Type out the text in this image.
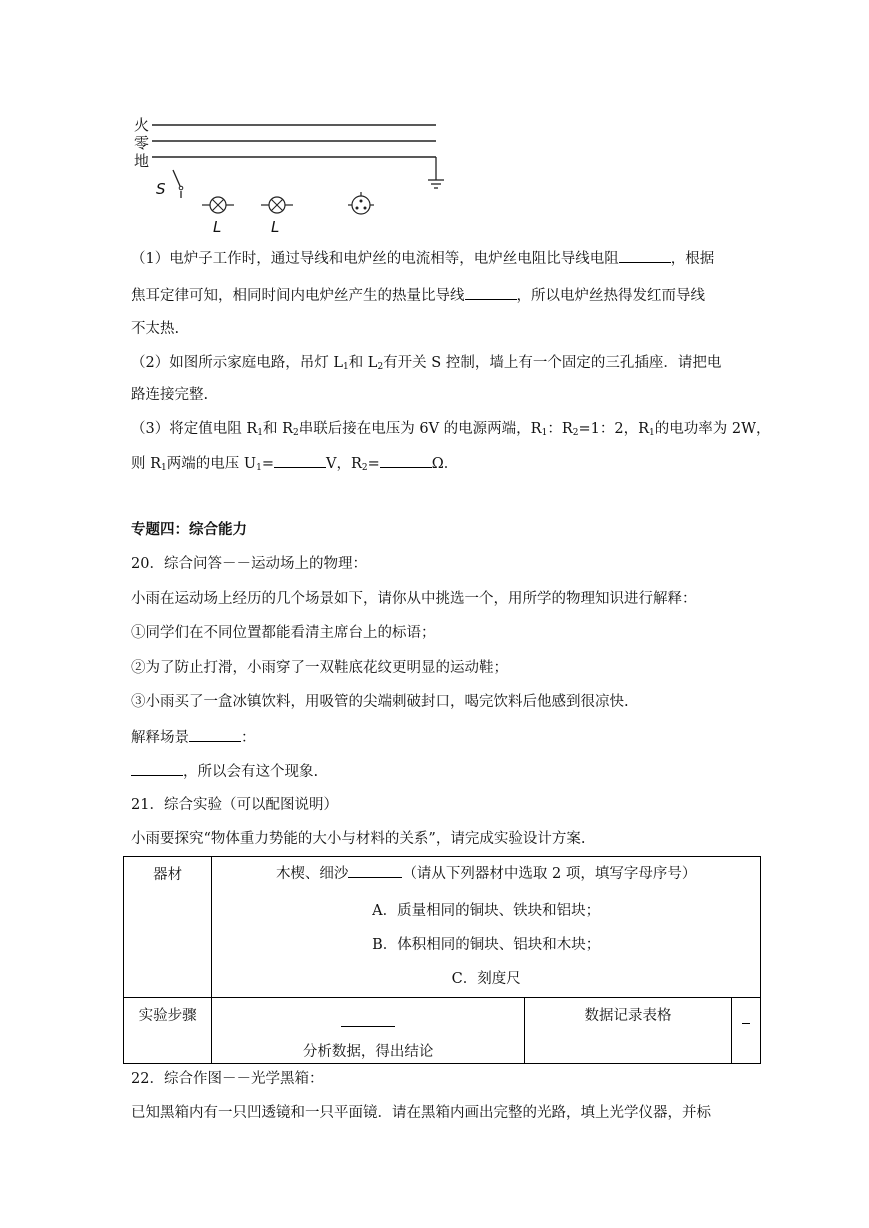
火
零
地
S
L	L
（1）电炉子工作时，通过导线和电炉丝的电流相等，电炉丝电阻比导线电阻	，根据
焦耳定律可知，相同时间内电炉丝产生的热量比导线	，所以电炉丝热得发红而导线
不太热.
（2）如图所示家庭电路，吊灯 $L_1$和 $L_2$有开关 S 控制，墙上有一个固定的三孔插座．请把电
路连接完整.
（3）将定值电阻 $R_1$和 $R_2$串联后接在电压为 6V 的电源两端，$R_1$：$R_2=1$：2，$R_1$的电功率为 2W，
则 $R_1$两端的电压 $U_1=$	V，$R_2=$	Ω．
专题四：综合能力
20．综合问答－－运动场上的物理：
小雨在运动场上经历的几个场景如下，请你从中挑选一个，用所学的物理知识进行解释：
①同学们在不同位置都能看清主席台上的标语；
②为了防止打滑，小雨穿了一双鞋底花纹更明显的运动鞋；
③小雨买了一盒冰镇饮料，用吸管的尖端刺破封口，喝完饮料后他感到很凉快.
解释场景	：
，所以会有这个现象.
21．综合实验（可以配图说明）
小雨要探究“物体重力势能的大小与材料的关系”，请完成实验设计方案.
器材	木楔、细沙 （请从下列器材中选取 2 项，填写字母序号）
A．质量相同的铜块、铁块和铝块；
B．体积相同的铜块、铝块和木块；
C．刻度尺		

实验步骤	分析数据，得出结论	数据记录表格	
22．综合作图－－光学黑箱：
已知黑箱内有一只凹透镜和一只平面镜．请在黑箱内画出完整的光路，填上光学仪器，并标
